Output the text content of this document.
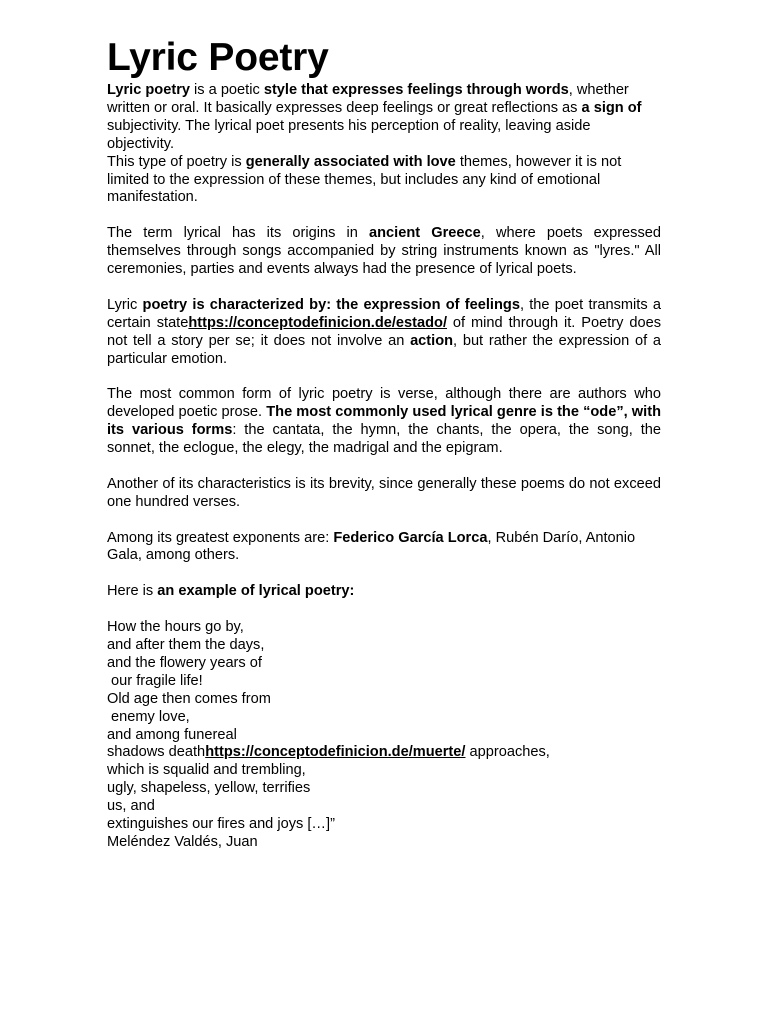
Lyric Poetry

Lyric poetry is a poetic style that expresses feelings through words, whether written or oral. It basically expresses deep feelings or great reflections as a sign of subjectivity. The lyrical poet presents his perception of reality, leaving aside objectivity.

This type of poetry is generally associated with love themes, however it is not limited to the expression of these themes, but includes any kind of emotional manifestation.

The term lyrical has its origins in ancient Greece, where poets expressed themselves through songs accompanied by string instruments known as "lyres." All ceremonies, parties and events always had the presence of lyrical poets.

Lyric poetry is characterized by: the expression of feelings, the poet transmits a certain statehttps://conceptodefinicion.de/estado/ of mind through it. Poetry does not tell a story per se; it does not involve an action, but rather the expression of a particular emotion.

The most common form of lyric poetry is verse, although there are authors who developed poetic prose. The most commonly used lyrical genre is the “ode”, with its various forms: the cantata, the hymn, the chants, the opera, the song, the sonnet, the eclogue, the elegy, the madrigal and the epigram.

Another of its characteristics is its brevity, since generally these poems do not exceed one hundred verses.

Among its greatest exponents are: Federico García Lorca, Rubén Darío, Antonio Gala, among others.

Here is an example of lyrical poetry:

How the hours go by,

and after them the days,

and the flowery years of

our fragile life!

Old age then comes from

enemy love,

and among funereal

shadows deathhttps://conceptodefinicion.de/muerte/ approaches,

which is squalid and trembling,

ugly, shapeless, yellow, terrifies

us, and

extinguishes our fires and joys […]”

Meléndez Valdés, Juan
